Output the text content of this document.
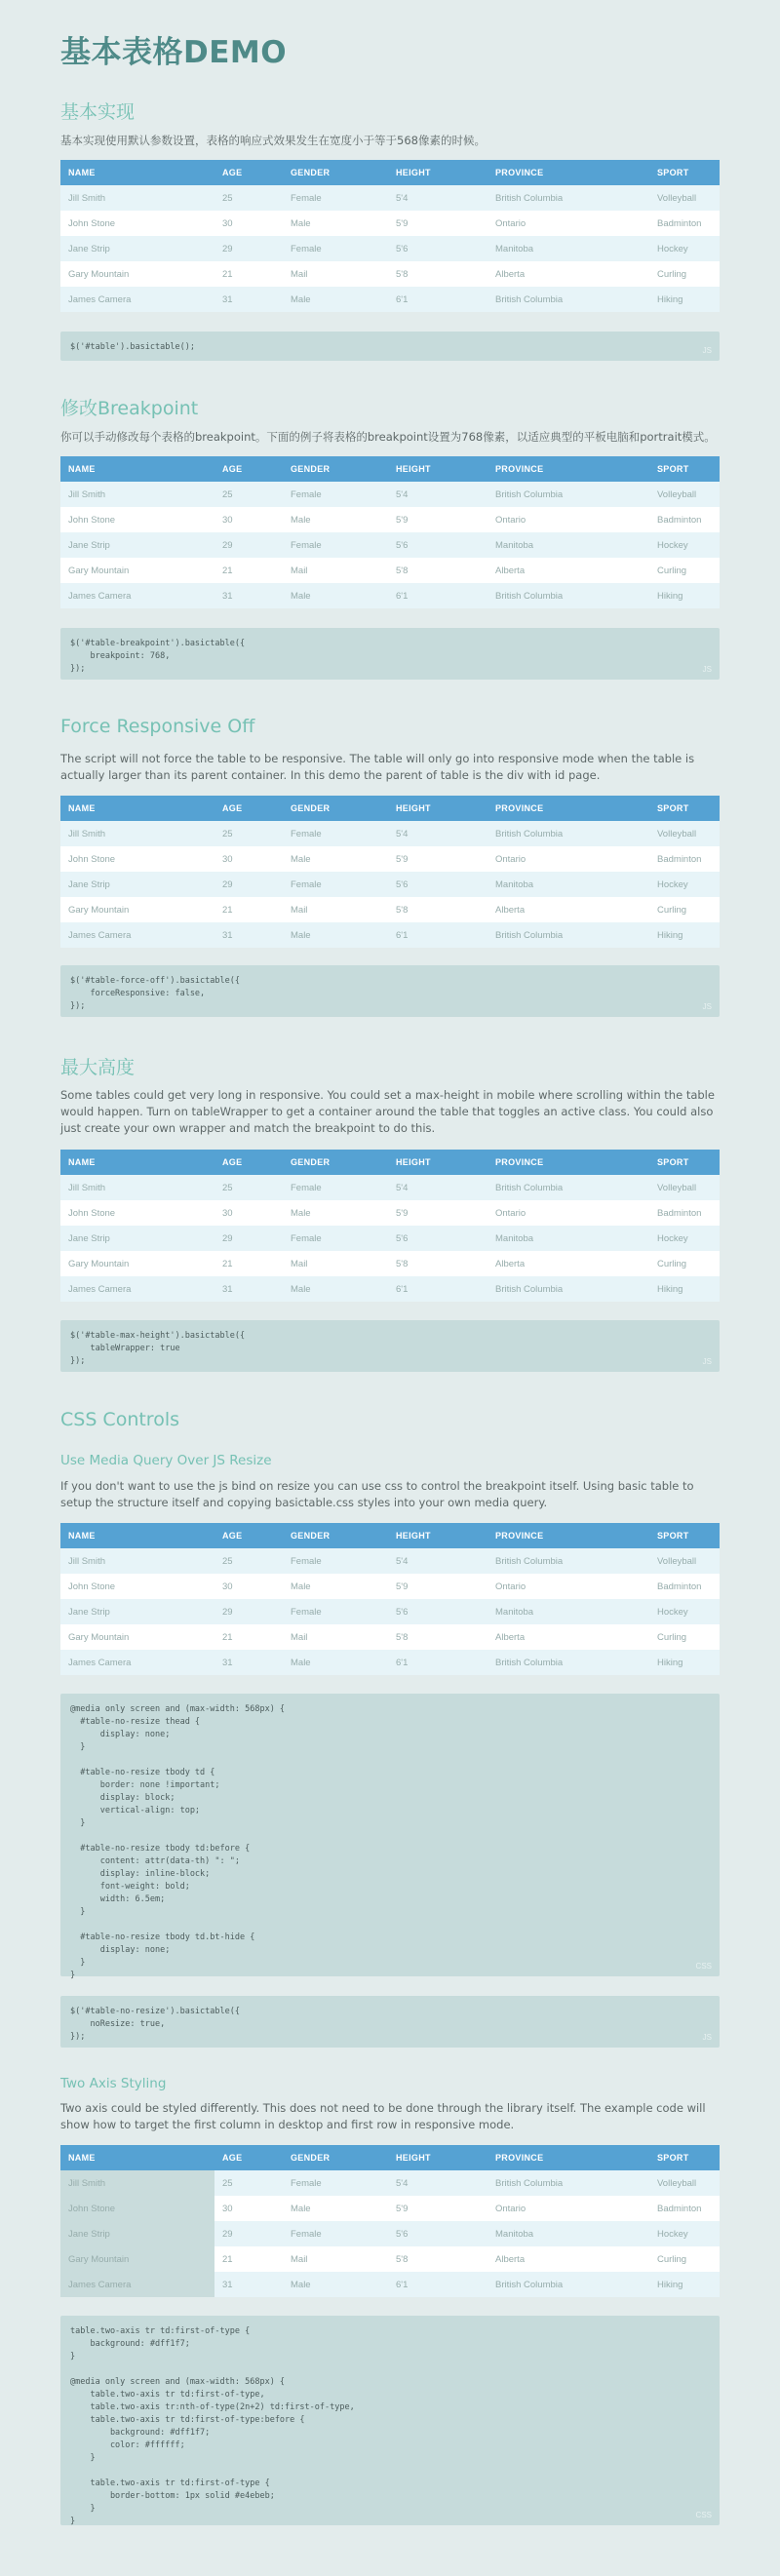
基本表格DEMO
基本实现

基本实现使用默认参数设置，表格的响应式效果发生在宽度小于等于568像素的时候。

NAME	AGE	GENDER	HEIGHT	PROVINCE	SPORT
Jill Smith	25	Female	5'4	British Columbia	Volleyball
John Stone	30	Male	5'9	Ontario	Badminton
Jane Strip	29	Female	5'6	Manitoba	Hockey
Gary Mountain	21	Mail	5'8	Alberta	Curling
James Camera	31	Male	6'1	British Columbia	Hiking
$('#table').basictable();	JS
修改Breakpoint

你可以手动修改每个表格的breakpoint。下面的例子将表格的breakpoint设置为768像素，以适应典型的平板电脑和portrait模式。

NAME	AGE	GENDER	HEIGHT	PROVINCE	SPORT
Jill Smith	25	Female	5'4	British Columbia	Volleyball
John Stone	30	Male	5'9	Ontario	Badminton
Jane Strip	29	Female	5'6	Manitoba	Hockey
Gary Mountain	21	Mail	5'8	Alberta	Curling
James Camera	31	Male	6'1	British Columbia	Hiking
$('#table-breakpoint').basictable({
breakpoint: 768,
});	JS
Force Responsive Off

The script will not force the table to be responsive. The table will only go into responsive mode when the table is actually larger than its parent container. In this demo the parent of table is the div with id page.

NAME	AGE	GENDER	HEIGHT	PROVINCE	SPORT
Jill Smith	25	Female	5'4	British Columbia	Volleyball
John Stone	30	Male	5'9	Ontario	Badminton
Jane Strip	29	Female	5'6	Manitoba	Hockey
Gary Mountain	21	Mail	5'8	Alberta	Curling
James Camera	31	Male	6'1	British Columbia	Hiking
$('#table-force-off').basictable({
forceResponsive: false,
});	JS
最大高度

Some tables could get very long in responsive. You could set a max-height in mobile where scrolling within the table would happen. Turn on tableWrapper to get a container around the table that toggles an active class. You could also just create your own wrapper and match the breakpoint to do this.

NAME	AGE	GENDER	HEIGHT	PROVINCE	SPORT
Jill Smith	25	Female	5'4	British Columbia	Volleyball
John Stone	30	Male	5'9	Ontario	Badminton
Jane Strip	29	Female	5'6	Manitoba	Hockey
Gary Mountain	21	Mail	5'8	Alberta	Curling
James Camera	31	Male	6'1	British Columbia	Hiking
$('#table-max-height').basictable({
tableWrapper: true
});	JS
CSS Controls
Use Media Query Over JS Resize

If you don't want to use the js bind on resize you can use css to control the breakpoint itself. Using basic table to setup the structure itself and copying basictable.css styles into your own media query.

NAME	AGE	GENDER	HEIGHT	PROVINCE	SPORT
Jill Smith	25	Female	5'4	British Columbia	Volleyball
John Stone	30	Male	5'9	Ontario	Badminton
Jane Strip	29	Female	5'6	Manitoba	Hockey
Gary Mountain	21	Mail	5'8	Alberta	Curling
James Camera	31	Male	6'1	British Columbia	Hiking
@media only screen and (max-width: 568px) {
#table-no-resize thead {
display: none;
}

#table-no-resize tbody td {
border: none !important;
display: block;
vertical-align: top;
}

#table-no-resize tbody td:before {
content: attr(data-th) ": ";
display: inline-block;
font-weight: bold;
width: 6.5em;
}

#table-no-resize tbody td.bt-hide {
display: none;
}
}
CSS
$('#table-no-resize').basictable({
noResize: true,
});	JS
Two Axis Styling

Two axis could be styled differently. This does not need to be done through the library itself. The example code will show how to target the first column in desktop and first row in responsive mode.

NAME	AGE	GENDER	HEIGHT	PROVINCE	SPORT
Jill Smith	25	Female	5'4	British Columbia	Volleyball
John Stone	30	Male	5'9	Ontario	Badminton
Jane Strip	29	Female	5'6	Manitoba	Hockey
Gary Mountain	21	Mail	5'8	Alberta	Curling
James Camera	31	Male	6'1	British Columbia	Hiking
table.two-axis tr td:first-of-type {
background: #dff1f7;
}

@media only screen and (max-width: 568px) {
table.two-axis tr td:first-of-type,
table.two-axis tr:nth-of-type(2n+2) td:first-of-type,
table.two-axis tr td:first-of-type:before {
background: #dff1f7;
color: #ffffff;
}

table.two-axis tr td:first-of-type {
border-bottom: 1px solid #e4ebeb;
}
}
CSS
